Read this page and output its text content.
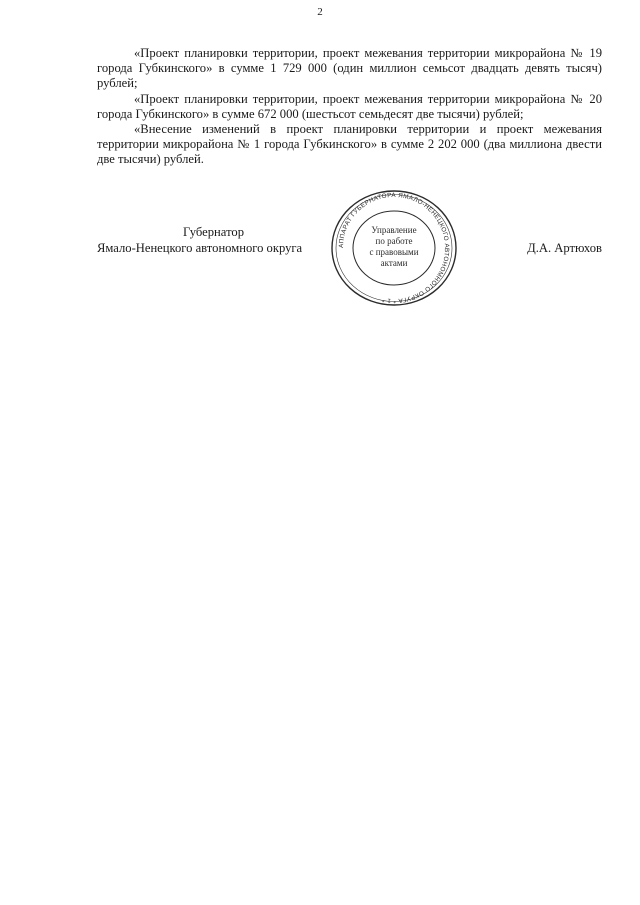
2

«Проект планировки территории, проект межевания территории микрорайона № 19 города Губкинского» в сумме 1 729 000 (один миллион семьсот двадцать девять тысяч) рублей;

«Проект планировки территории, проект межевания территории микрорайона № 20 города Губкинского» в сумме 672 000 (шестьсот семьдесят две тысячи) рублей;

«Внесение изменений в проект планировки территории и проект межевания территории микрорайона № 1 города Губкинского» в сумме 2 202 000 (два миллиона двести две тысячи) рублей.

Губернатор
Ямало-Ненецкого автономного округа	Д.А. Артюхов
АППАРАТ ГУБЕРНАТОРА ЯМАЛО-НЕНЕЦКОГО АВТОНОМНОГО ОКРУГА * 1 *
Управление
по работе
с правовыми
актами
